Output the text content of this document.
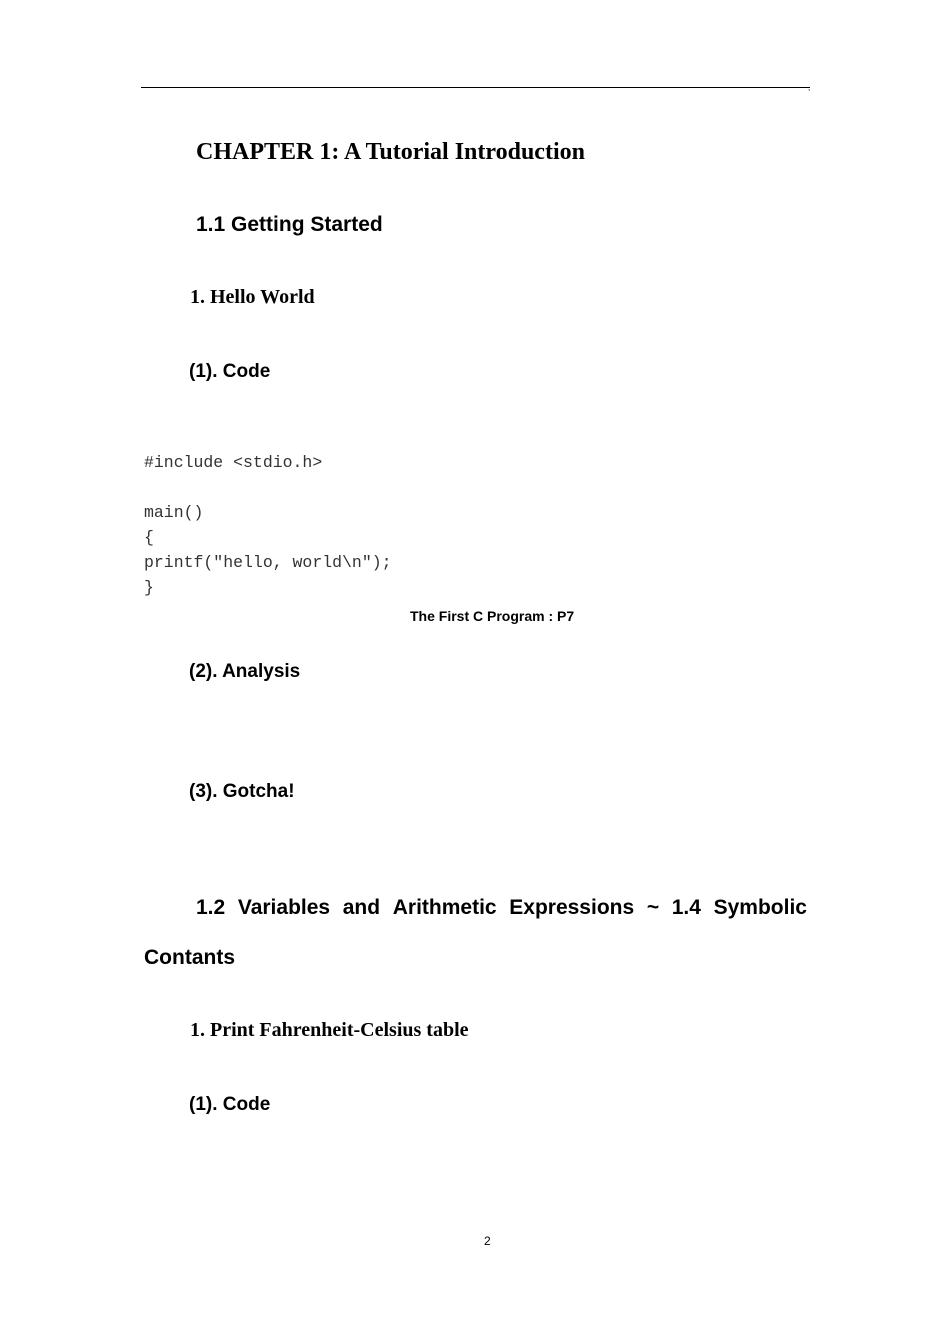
,
CHAPTER 1: A Tutorial Introduction
1.1 Getting Started
1. Hello World
(1). Code
#include <stdio.h>

main()
{
printf("hello, world\n");
}
The First C Program : P7
(2). Analysis
(3). Gotcha!
1.2 Variables and Arithmetic Expressions ~ 1.4 Symbolic
Contants
1. Print Fahrenheit-Celsius table
(1). Code
2
